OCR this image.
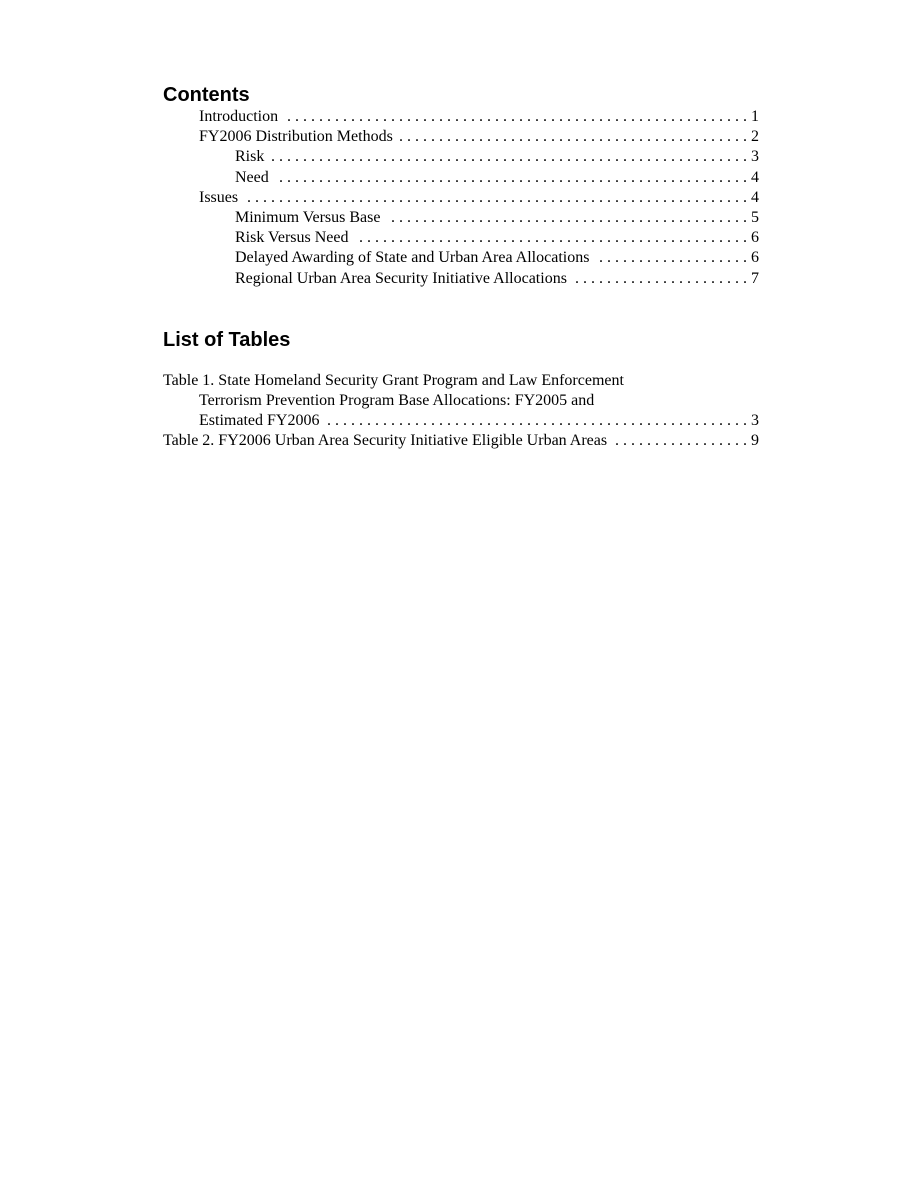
Contents
Introduction . . .	1
FY2006 Distribution Methods . . .	2
Risk . . .	3
Need . . .	4
Issues . . .	4
Minimum Versus Base . . .	5
Risk Versus Need . . .	6
Delayed Awarding of State and Urban Area Allocations . . .	6
Regional Urban Area Security Initiative Allocations . . .	7
List of Tables
Table 1. State Homeland Security Grant Program and Law Enforcement
Terrorism Prevention Program Base Allocations: FY2005 and
Estimated FY2006 . . .	3
Table 2. FY2006 Urban Area Security Initiative Eligible Urban Areas . . .	9
